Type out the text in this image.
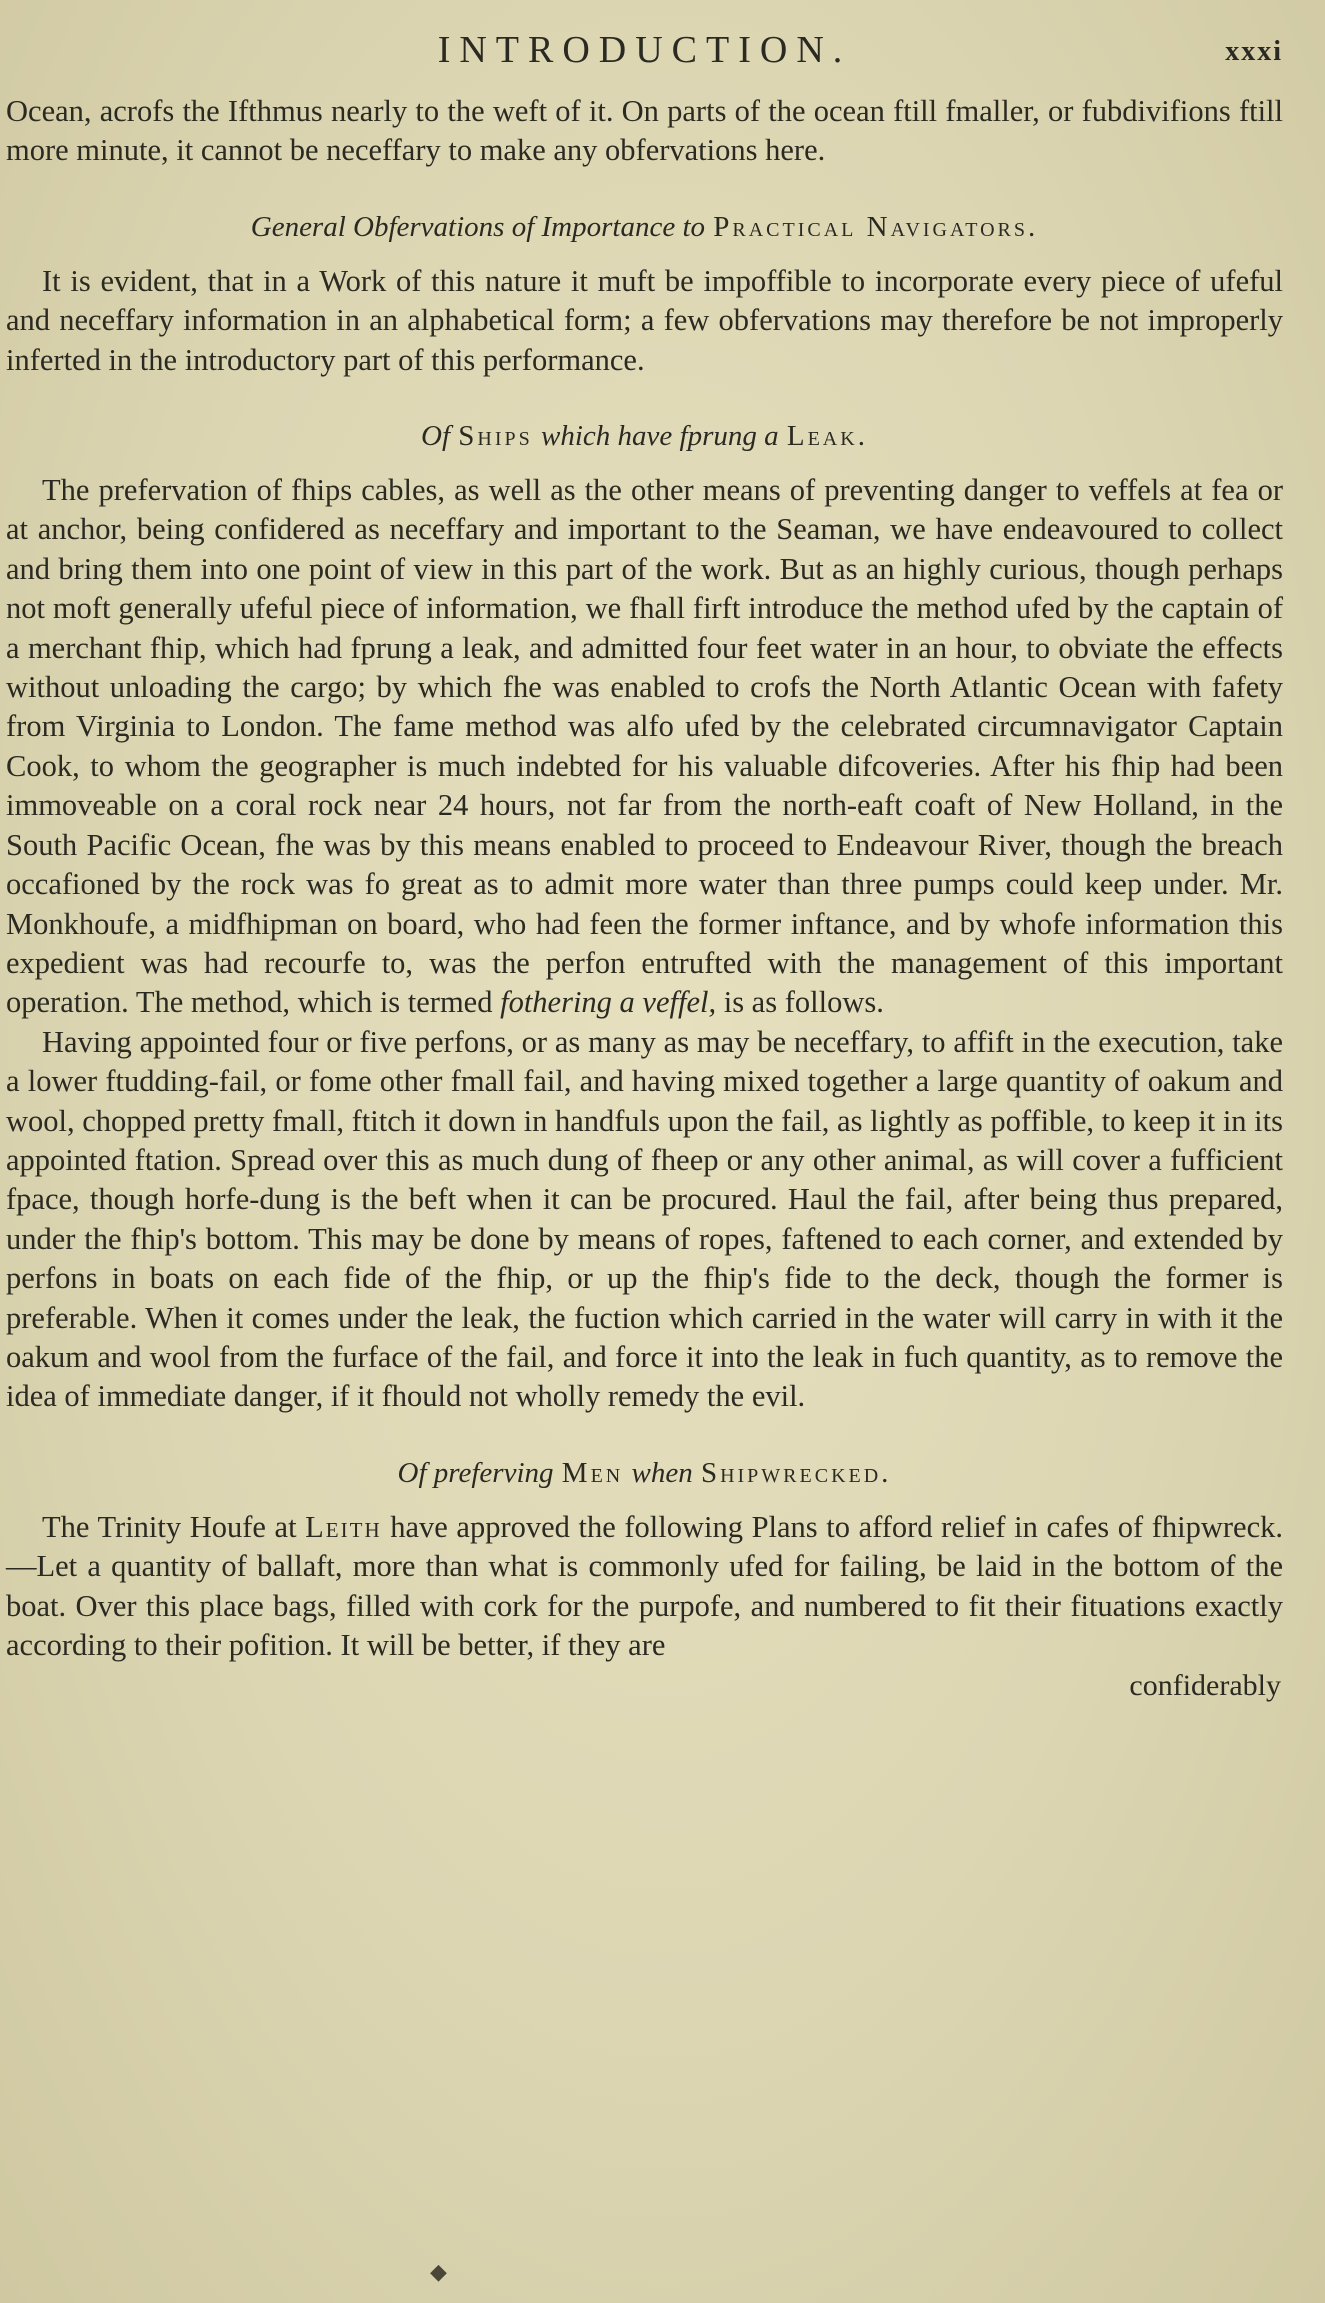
INTRODUCTION.	xxxi

Ocean, acrofs the Ifthmus nearly to the weft of it. On parts of the ocean ftill fmaller, or fubdivifions ftill more minute, it cannot be neceffary to make any obfervations here.

General Obfervations of Importance to Practical Navigators.

It is evident, that in a Work of this nature it muft be impoffible to incorporate every piece of ufeful and neceffary information in an alphabetical form; a few obfervations may therefore be not improperly inferted in the introductory part of this performance.

Of Ships which have fprung a Leak.

The prefervation of fhips cables, as well as the other means of preventing danger to veffels at fea or at anchor, being confidered as neceffary and important to the Seaman, we have endeavoured to collect and bring them into one point of view in this part of the work. But as an highly curious, though perhaps not moft generally ufeful piece of information, we fhall firft introduce the method ufed by the captain of a merchant fhip, which had fprung a leak, and admitted four feet water in an hour, to obviate the effects without unloading the cargo; by which fhe was enabled to crofs the North Atlantic Ocean with fafety from Virginia to London. The fame method was alfo ufed by the celebrated circumnavigator Captain Cook, to whom the geographer is much indebted for his valuable difcoveries. After his fhip had been immoveable on a coral rock near 24 hours, not far from the north-eaft coaft of New Holland, in the South Pacific Ocean, fhe was by this means enabled to proceed to Endeavour River, though the breach occafioned by the rock was fo great as to admit more water than three pumps could keep under. Mr. Monkhoufe, a midfhipman on board, who had feen the former inftance, and by whofe information this expedient was had recourfe to, was the perfon entrufted with the management of this important operation. The method, which is termed fothering a veffel, is as follows.

Having appointed four or five perfons, or as many as may be neceffary, to affift in the execution, take a lower ftudding-fail, or fome other fmall fail, and having mixed together a large quantity of oakum and wool, chopped pretty fmall, ftitch it down in handfuls upon the fail, as lightly as poffible, to keep it in its appointed ftation. Spread over this as much dung of fheep or any other animal, as will cover a fufficient fpace, though horfe-dung is the beft when it can be procured. Haul the fail, after being thus prepared, under the fhip's bottom. This may be done by means of ropes, faftened to each corner, and extended by perfons in boats on each fide of the fhip, or up the fhip's fide to the deck, though the former is preferable. When it comes under the leak, the fuction which carried in the water will carry in with it the oakum and wool from the furface of the fail, and force it into the leak in fuch quantity, as to remove the idea of immediate danger, if it fhould not wholly remedy the evil.

Of preferving Men when Shipwrecked.

The Trinity Houfe at Leith have approved the following Plans to afford relief in cafes of fhipwreck.—Let a quantity of ballaft, more than what is commonly ufed for failing, be laid in the bottom of the boat. Over this place bags, filled with cork for the purpofe, and numbered to fit their fituations exactly according to their pofition. It will be better, if they are

confiderably
◆
